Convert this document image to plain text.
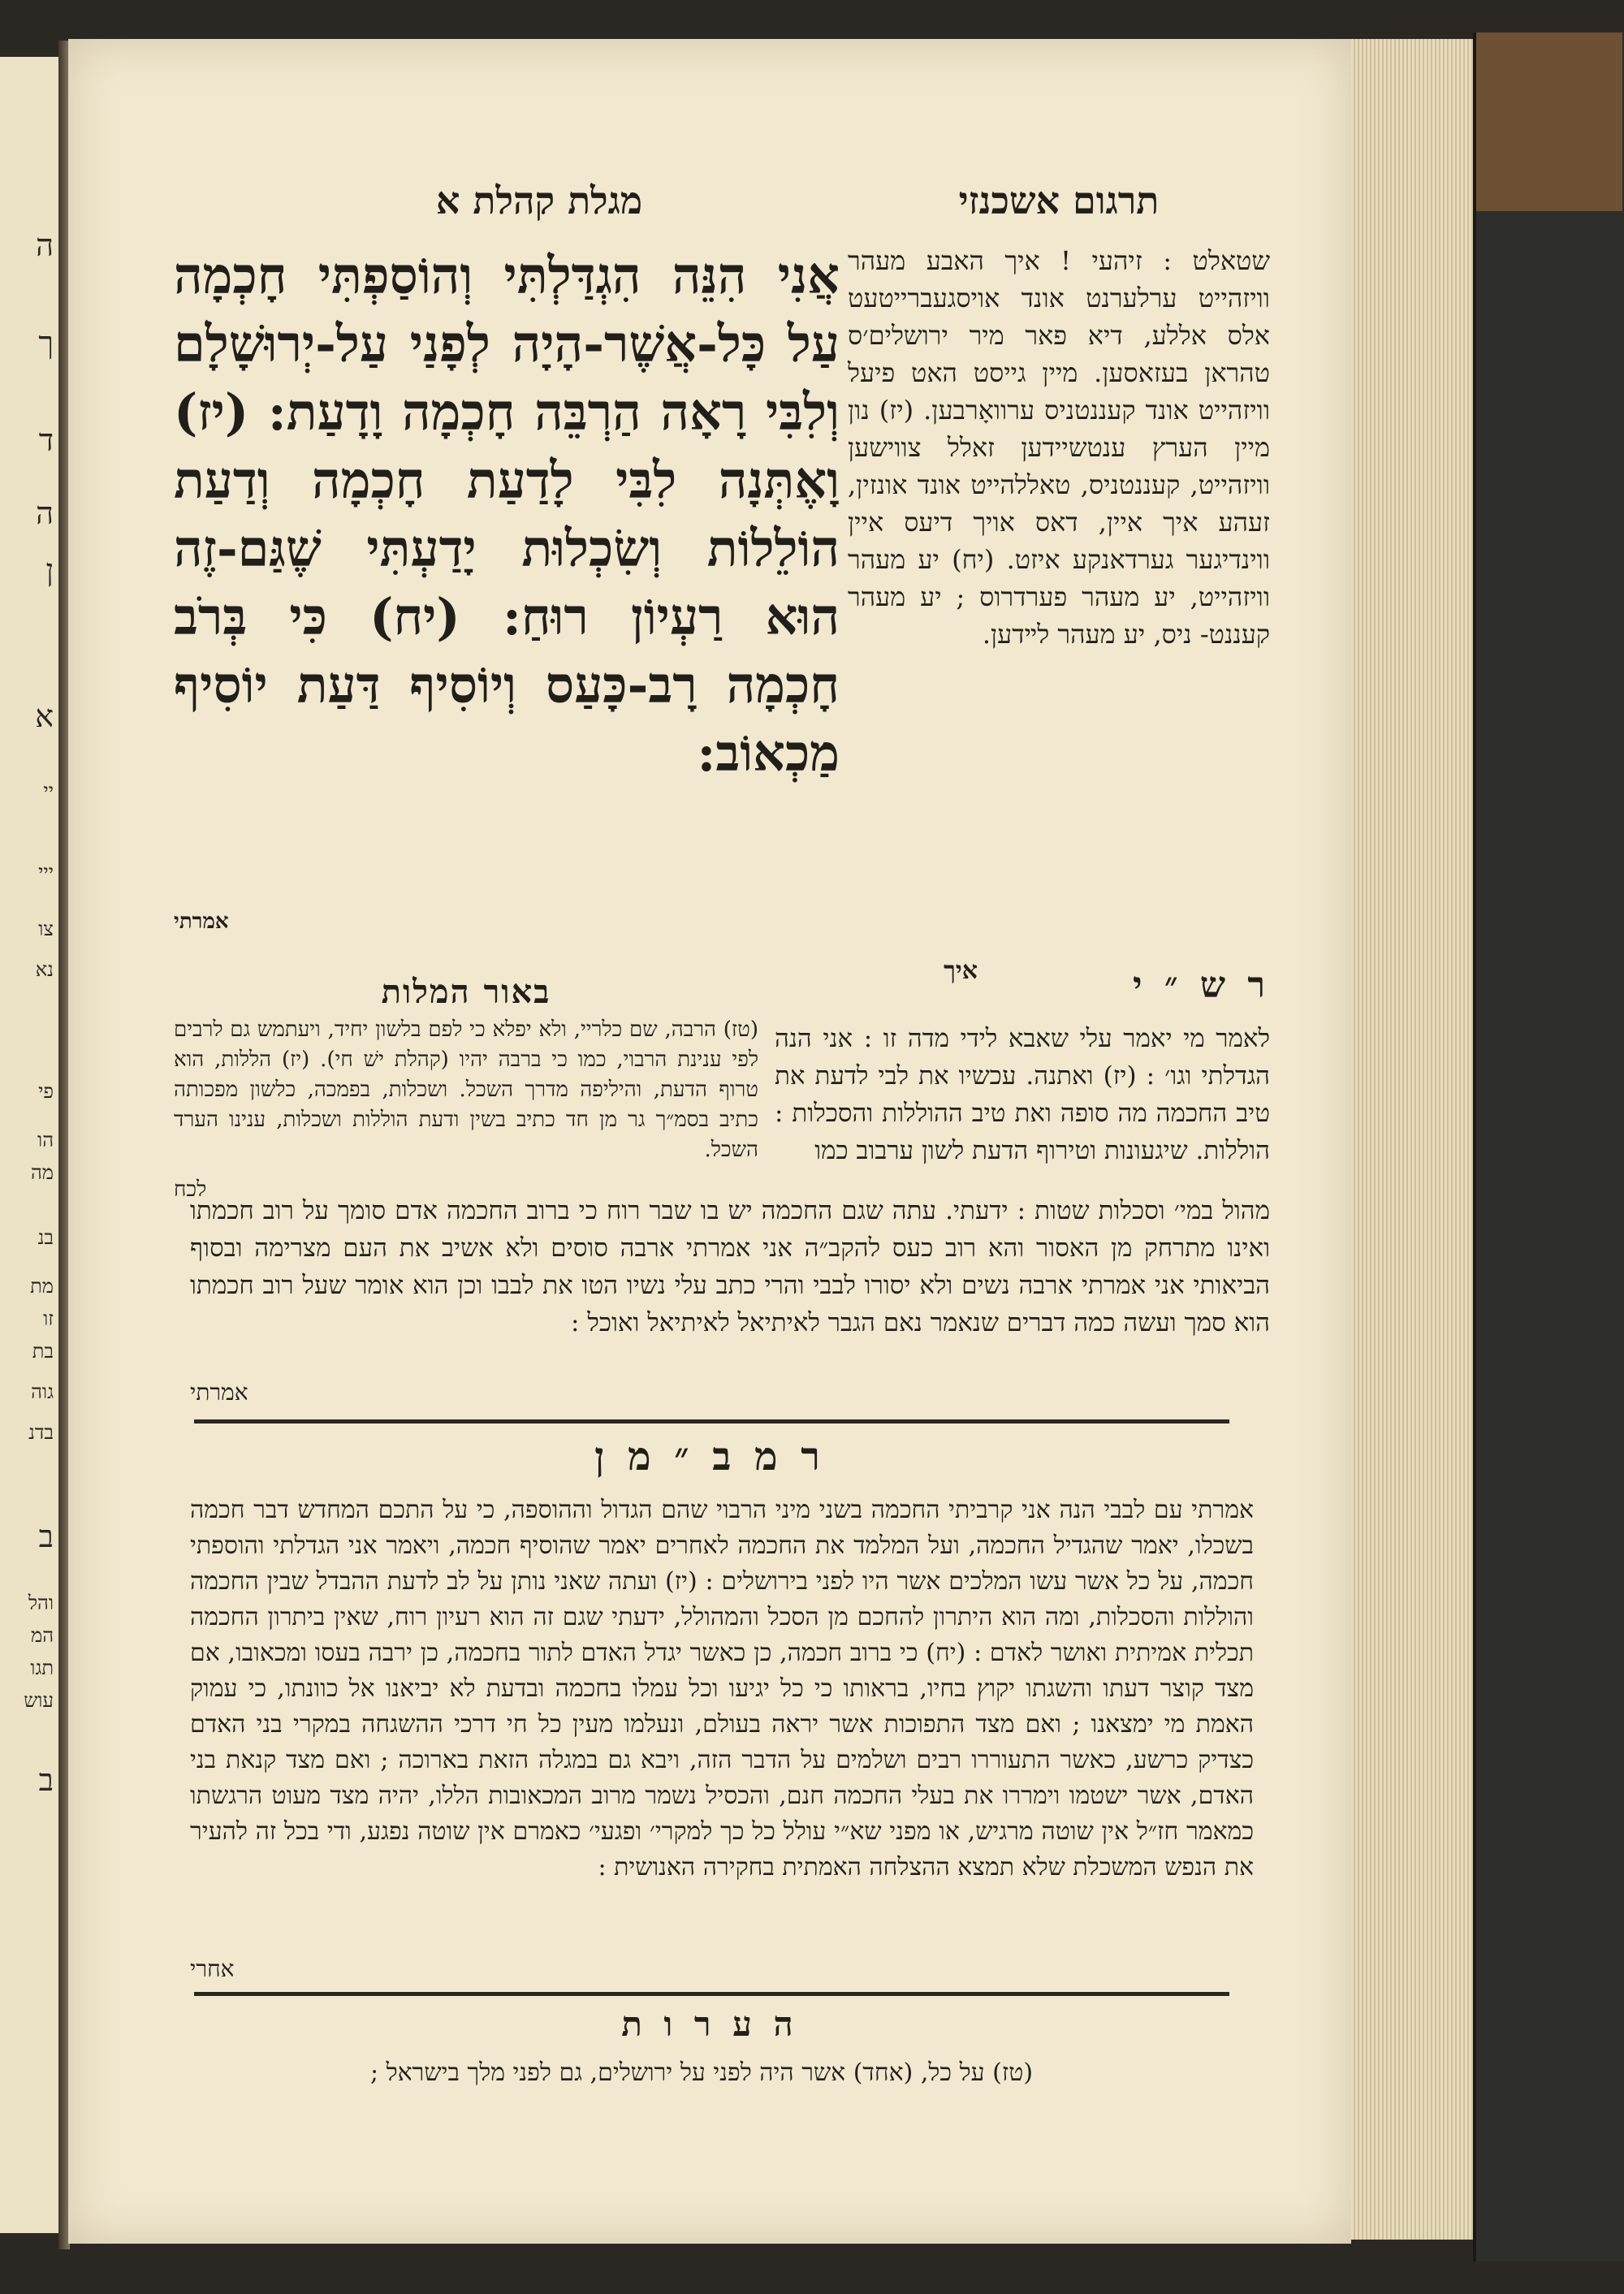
ה
ך
ד
ה
ן
א
יי
ייי
צו
נא
פי
הו
מה
בנ
מת
זו
בת
גוה
בדנ
ב
והל
המ
תגו
עוש
ב
תרגום אשכנזי
מגלת קהלת א
שטאלט : זיהעי ! איך האבע מעהר וויזהייט ערלערנט אונד אויסגעברייטעט אלס אללע, דיא פאר מיר ירושלים׳ס טהראן בעזאסען. מיין גייסט האט פיעל וויזהייט אונד קעננטניס ערוואָרבען. (יז) נון מיין הערץ ענטשיידען זאלל צווישען וויזהייט, קעננטניס, טאללהייט אונד אונזין, זעהע איך איין, דאס אויך דיעס איין ווינדיגער גערדאנקע איזט. (יח) יע מעהר וויזהייט, יע מעהר פערדרוס ; יע מעהר קעננט- ניס, יע מעהר לײדען.
איך
אֲנִי הִנֵּה הִגְדַּלְתִּי וְהוֹסַפְתִּי חָכְמָה עַל כָּל-אֲשֶׁר-הָיָה לְפָנַי עַל-יְרוּשָׁלָם וְלִבִּי רָאָה הַרְבֵּה חָכְמָה וָדָעַת: (יז) וָאֶתְּנָה לִבִּי לָדַעַת חָכְמָה וְדַעַת הוֹלֵלוֹת וְשִׂכְלוּת יָדַעְתִּי שֶׁגַּם-זֶה הוּא רַעְיוֹן רוּחַ: (יח) כִּי בְּרֹב חָכְמָה רָב-כָּעַס וְיוֹסִיף דַּעַת יוֹסִיף מַכְאוֹב:
אמרתי
באור המלות
(טז) הרבה, שם כלריי, ולא יפלא כי לפם בלשון יחיד, ויעתמש גם לרבים לפי ענינת הרבוי, כמו כי ברבה יהיו (קהלת ישׁ חי). (יז) הללות, הוא טרוף הדעת, והיליפה מדרך השכל. ושכלות, בפמכה, כלשון מפכותה כתיב בסמ״ך גר מן חד כתיב בשין ודעת הוללות ושכלות, ענינו הערד השכל.
לכח
ר ש ״ י
לאמר מי יאמר עלי שאבא לידי מדה זו : אני הנה הגדלתי וגו׳ : (יז) ואתנה. עכשיו את לבי לדעת את טיב החכמה מה סופה ואת טיב ההוללות והסכלות : הוללות. שיגעונות וטירוף הדעת לשון ערבוב כמו
מהול במי׳ וסכלות שטות : ידעתי. עתה שגם החכמה יש בו שבר רוח כי ברוב החכמה אדם סומך על רוב חכמתו ואינו מתרחק מן האסור והא רוב כעס להקב״ה אני אמרתי ארבה סוסים ולא אשיב את העם מצרימה ובסוף הביאותי אני אמרתי ארבה נשים ולא יסורו לבבי והרי כתב עלי נשיו הטו את לבבו וכן הוא אומר שעל רוב חכמתו הוא סמך ועשה כמה דברים שנאמר נאם הגבר לאיתיאל לאיתיאל ואוכל :
אמרתי
ר מ ב ״ מ ן
אמרתי עם לבבי הנה אני קרביתי החכמה בשני מיני הרבוי שהם הגדול וההוספה, כי על התכם המחדש דבר חכמה בשכלו, יאמר שהגדיל החכמה, ועל המלמד את החכמה לאחרים יאמר שהוסיף חכמה, ויאמר אני הגדלתי והוספתי חכמה, על כל אשר עשו המלכים אשר היו לפני בירושלים : (יז) ועתה שאני נותן על לב לדעת ההבדל שבין החכמה והוללות והסכלות, ומה הוא היתרון להחכם מן הסכל והמהולל, ידעתי שגם זה הוא רעיון רוח, שאין ביתרון החכמה תכלית אמיתית ואושר לאדם : (יח) כי ברוב חכמה, כן כאשר יגדל האדם לתור בחכמה, כן ירבה בעסו ומכאובו, אם מצד קוצר דעתו והשגתו יקוץ בחיו, בראותו כי כל יגיעו וכל עמלו בחכמה ובדעת לא יביאנו אל כוונתו, כי עמוק האמת מי ימצאנו ; ואם מצד התפוכות אשר יראה בעולם, ונעלמו מעין כל חי דרכי ההשגחה במקרי בני האדם כצדיק כרשע, כאשר התעוררו רבים ושלמים על הדבר הזה, ויבא גם במגלה הזאת בארוכה ; ואם מצד קנאת בני האדם, אשר ישטמו וימררו את בעלי החכמה חנם, והכסיל נשמר מרוב המכאובות הללו, יהיה מצד מעוט הרגשתו כמאמר חז״ל אין שוטה מרגיש, או מפני שא״י עולל כל כך למקרי׳ ופגעי׳ כאמרם אין שוטה נפגע, ודי בכל זה להעיר את הנפש המשכלת שלא תמצא ההצלחה האמתית בחקירה האנושית :
אחרי
ה ע ר ו ת
(טז) על כל, (אחד) אשר היה לפני על ירושלים, גם לפני מלך בישראל ;
